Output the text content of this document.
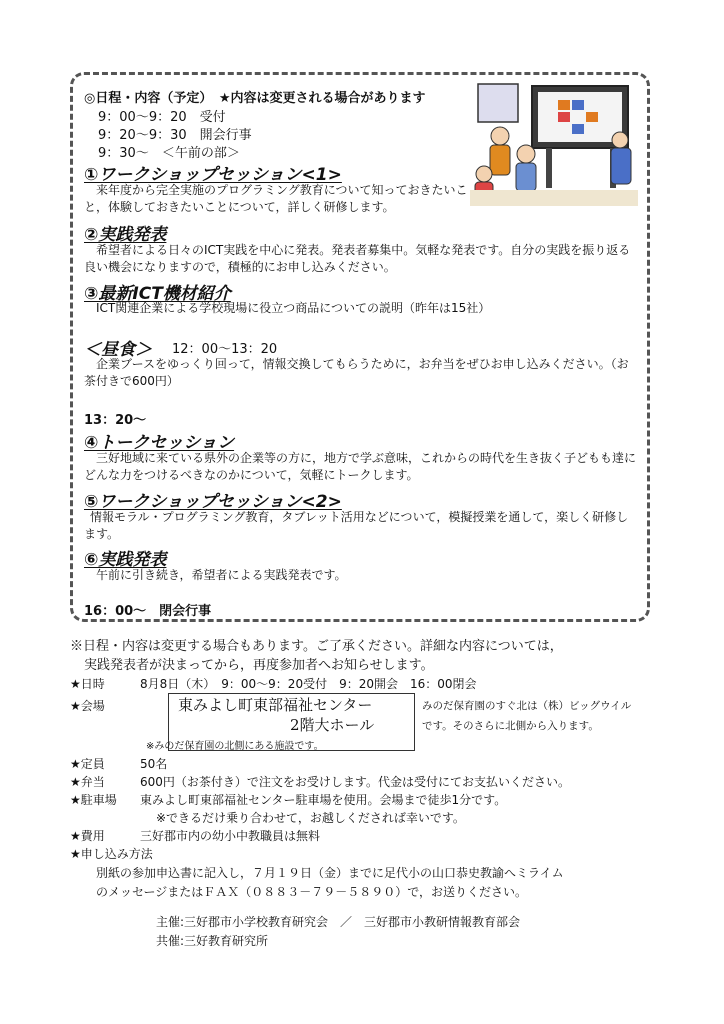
◎日程・内容（予定）　★内容は変更される場合があります
9：00～9：20　受付
9：20～9：30　開会行事
9：30～　＜午前の部＞
①ワークショップセッション<1>
来年度から完全実施のプログラミング教育について知っておきたいこと，体験しておきたいことについて，詳しく研修します。
②実践発表
希望者による日々のICT実践を中心に発表。発表者募集中。気軽な発表です。自分の実践を振り返る良い機会になりますので，積極的にお申し込みください。
③最新ICT機材紹介
ICT関連企業による学校現場に役立つ商品についての説明（昨年は15社）
＜昼食＞ 12：00～13：20
企業ブースをゆっくり回って，情報交換してもらうために，お弁当をぜひお申し込みください。（お茶付きで600円）
13：20～
④トークセッション
三好地域に来ている県外の企業等の方に，地方で学ぶ意味，これからの時代を生き抜く子どもも達にどんな力をつけるべきなのかについて，気軽にトークします。
⑤ワークショップセッション<2>
情報モラル・プログラミング教育，タブレット活用などについて，模擬授業を通して，楽しく研修します。
⑥実践発表
午前に引き続き，希望者による実践発表です。
16：00～　閉会行事
※日程・内容は変更する場合もあります。ご了承ください。詳細な内容については，
実践発表者が決まってから，再度参加者へお知らせします。
★日時	8月8日（木）　9：00～9：20受付　9：20開会　16：00閉会
★会場	東みよし町東部福祉センター
2階大ホール
※みのだ保育園の北側にある施設です。
みのだ保育園のすぐ北は（株）ビッグウイル
です。そのさらに北側から入ります。
★定員	50名
★弁当	600円（お茶付き）で注文をお受けします。代金は受付にてお支払いください。
★駐車場 東みよし町東部福祉センター駐車場を使用。会場まで徒歩1分です。
※できるだけ乗り合わせて，お越しくだされば幸いです。
★費用	三好郡市内の幼小中教職員は無料
★申し込み方法
別紙の参加申込書に記入し，７月１９日（金）までに足代小の山口恭史教諭へミライム
のメッセージまたはＦＡＸ（０８８３－７９－５８９０）で，お送りください。
主催:三好郡市小学校教育研究会　／　三好郡市小教研情報教育部会
共催:三好教育研究所
